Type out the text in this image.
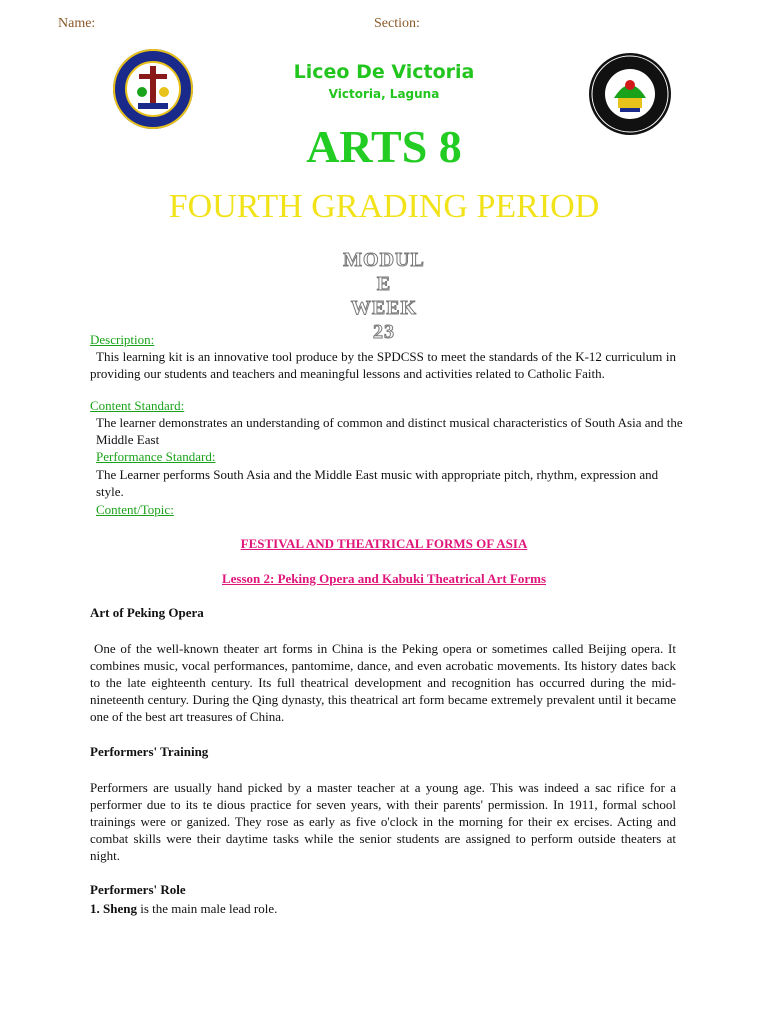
Name:	Section:
Liceo De Victoria
Victoria, Laguna
ARTS 8
FOURTH GRADING PERIOD
MODUL
E
WEEK
23
Description:
This learning kit is an innovative tool produce by the SPDCSS to meet the standards of the K-12 curriculum in providing our students and teachers and meaningful lessons and activities related to Catholic Faith.
Content Standard:
The learner demonstrates an understanding of common and distinct musical characteristics of South Asia and the Middle East
Performance Standard:
The Learner performs South Asia and the Middle East music with appropriate pitch, rhythm, expression and style.
Content/Topic:
FESTIVAL AND THEATRICAL FORMS OF ASIA
Lesson 2: Peking Opera and Kabuki Theatrical Art Forms
Art of Peking Opera
One of the well-known theater art forms in China is the Peking opera or sometimes called Beijing opera. It combines music, vocal performances, pantomime, dance, and even acrobatic movements. Its history dates back to the late eighteenth century. Its full theatrical development and recognition has occurred during the mid-nineteenth century. During the Qing dynasty, this theatrical art form became extremely prevalent until it became one of the best art treasures of China.
Performers' Training
Performers are usually hand picked by a master teacher at a young age. This was indeed a sac rifice for a performer due to its te dious practice for seven years, with their parents' permission. In 1911, formal school trainings were or ganized. They rose as early as five o'clock in the morning for their ex ercises. Acting and combat skills were their daytime tasks while the senior students are assigned to perform outside theaters at night.
Performers' Role
1. Sheng is the main male lead role.
